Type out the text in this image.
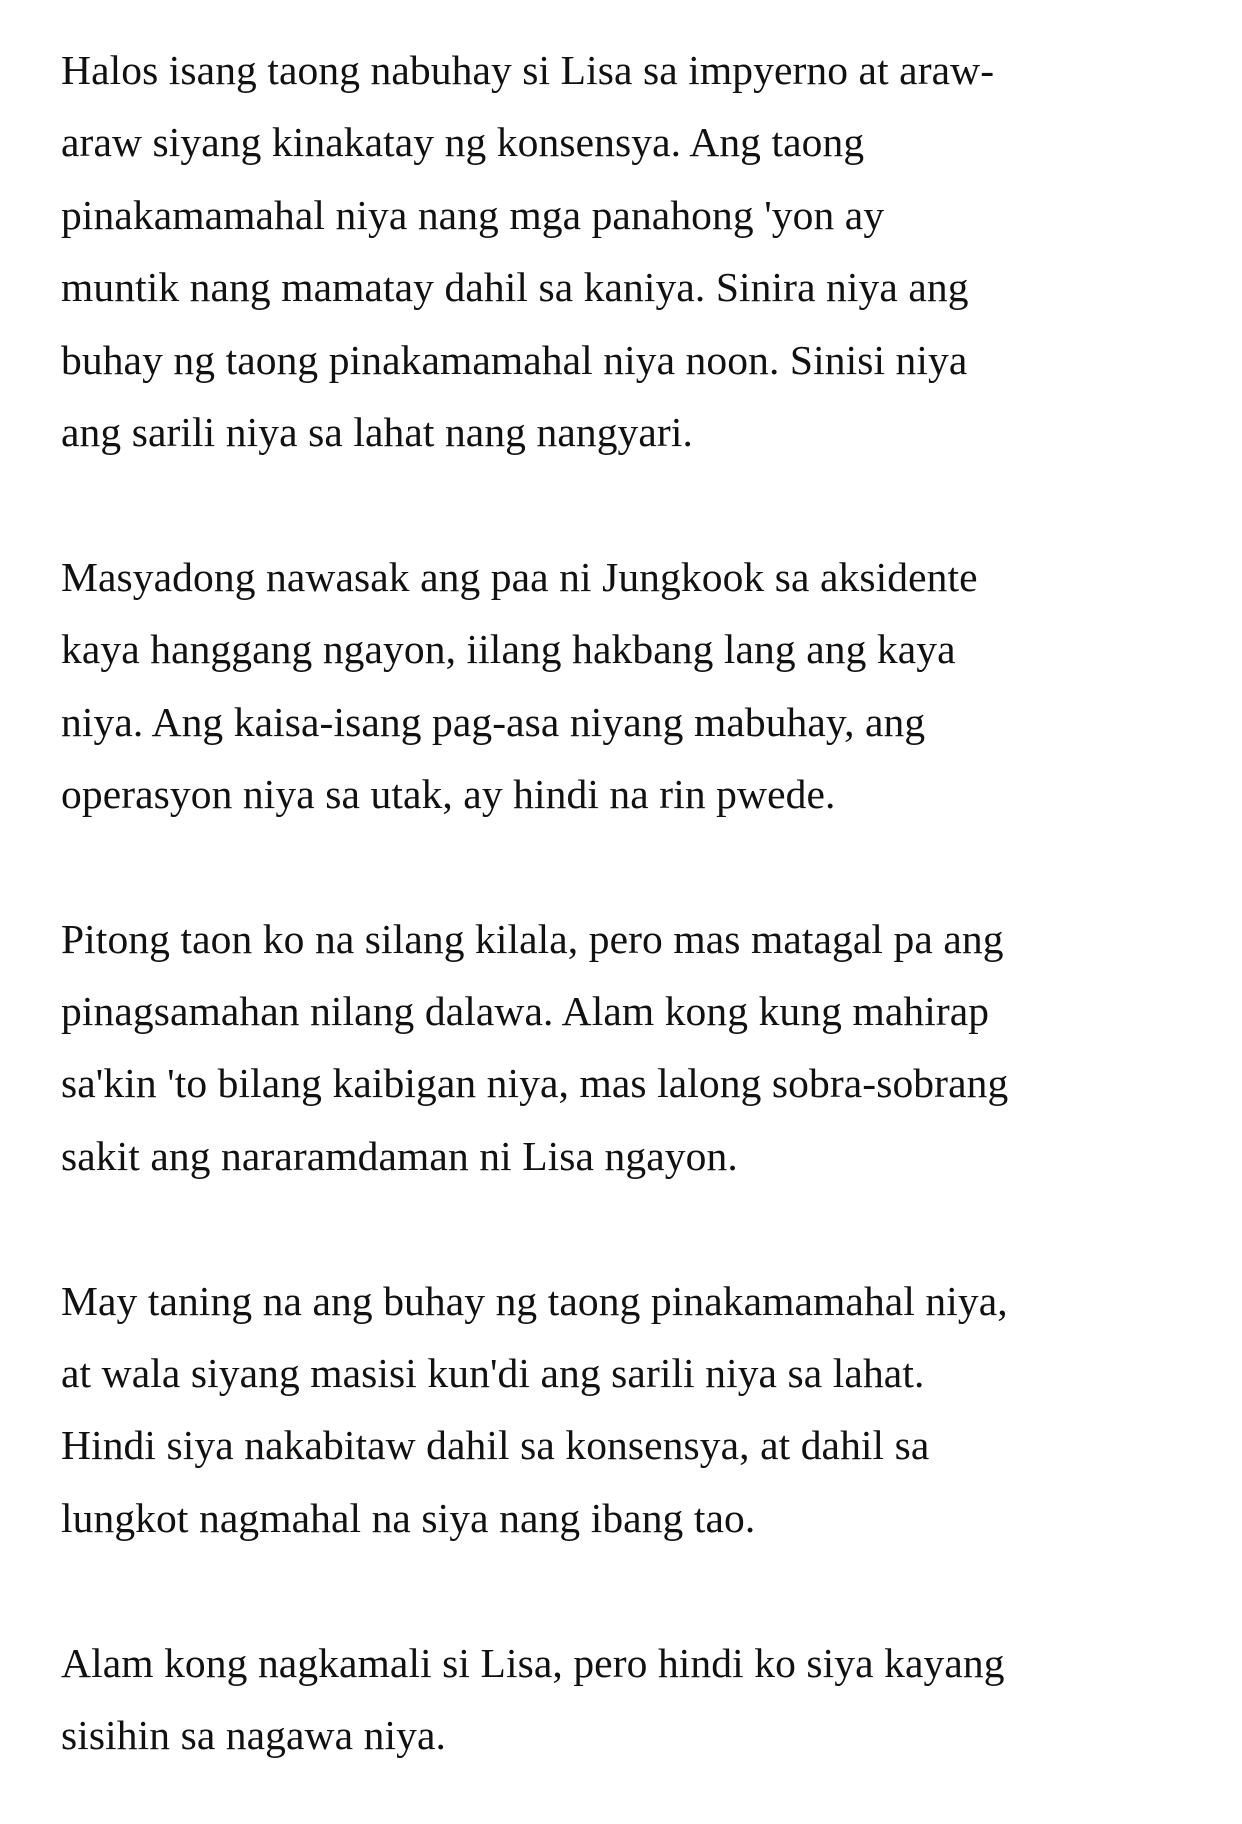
Halos isang taong nabuhay si Lisa sa impyerno at araw-
araw siyang kinakatay ng konsensya. Ang taong
pinakamamahal niya nang mga panahong 'yon ay
muntik nang mamatay dahil sa kaniya. Sinira niya ang
buhay ng taong pinakamamahal niya noon. Sinisi niya
ang sarili niya sa lahat nang nangyari.
Masyadong nawasak ang paa ni Jungkook sa aksidente
kaya hanggang ngayon, iilang hakbang lang ang kaya
niya. Ang kaisa-isang pag-asa niyang mabuhay, ang
operasyon niya sa utak, ay hindi na rin pwede.
Pitong taon ko na silang kilala, pero mas matagal pa ang
pinagsamahan nilang dalawa. Alam kong kung mahirap
sa'kin 'to bilang kaibigan niya, mas lalong sobra-sobrang
sakit ang nararamdaman ni Lisa ngayon.
May taning na ang buhay ng taong pinakamamahal niya,
at wala siyang masisi kun'di ang sarili niya sa lahat.
Hindi siya nakabitaw dahil sa konsensya, at dahil sa
lungkot nagmahal na siya nang ibang tao.
Alam kong nagkamali si Lisa, pero hindi ko siya kayang
sisihin sa nagawa niya.
